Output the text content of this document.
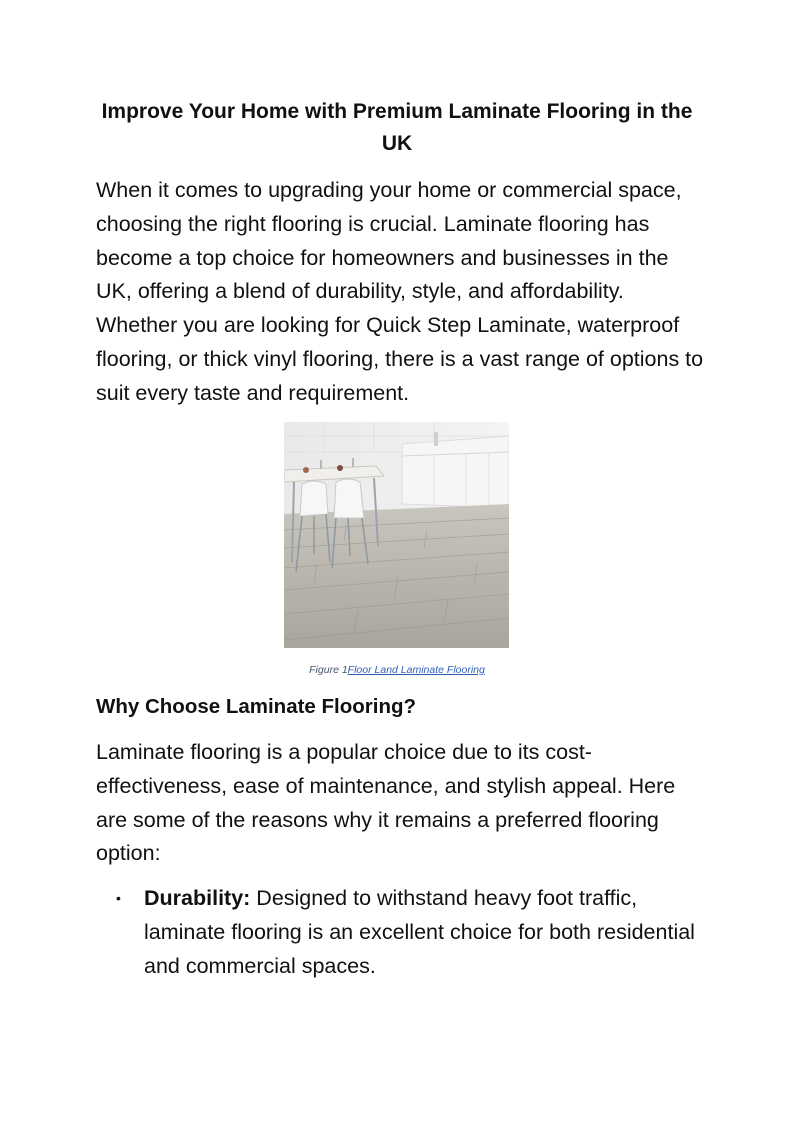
Improve Your Home with Premium Laminate Flooring in the UK

When it comes to upgrading your home or commercial space, choosing the right flooring is crucial. Laminate flooring has become a top choice for homeowners and businesses in the UK, offering a blend of durability, style, and affordability. Whether you are looking for Quick Step Laminate, waterproof flooring, or thick vinyl flooring, there is a vast range of options to suit every taste and requirement.

Figure 1Floor Land Laminate Flooring
Why Choose Laminate Flooring?

Laminate flooring is a popular choice due to its cost-effectiveness, ease of maintenance, and stylish appeal. Here are some of the reasons why it remains a preferred flooring option:

• Durability: Designed to withstand heavy foot traffic, laminate flooring is an excellent choice for both residential and commercial spaces.
